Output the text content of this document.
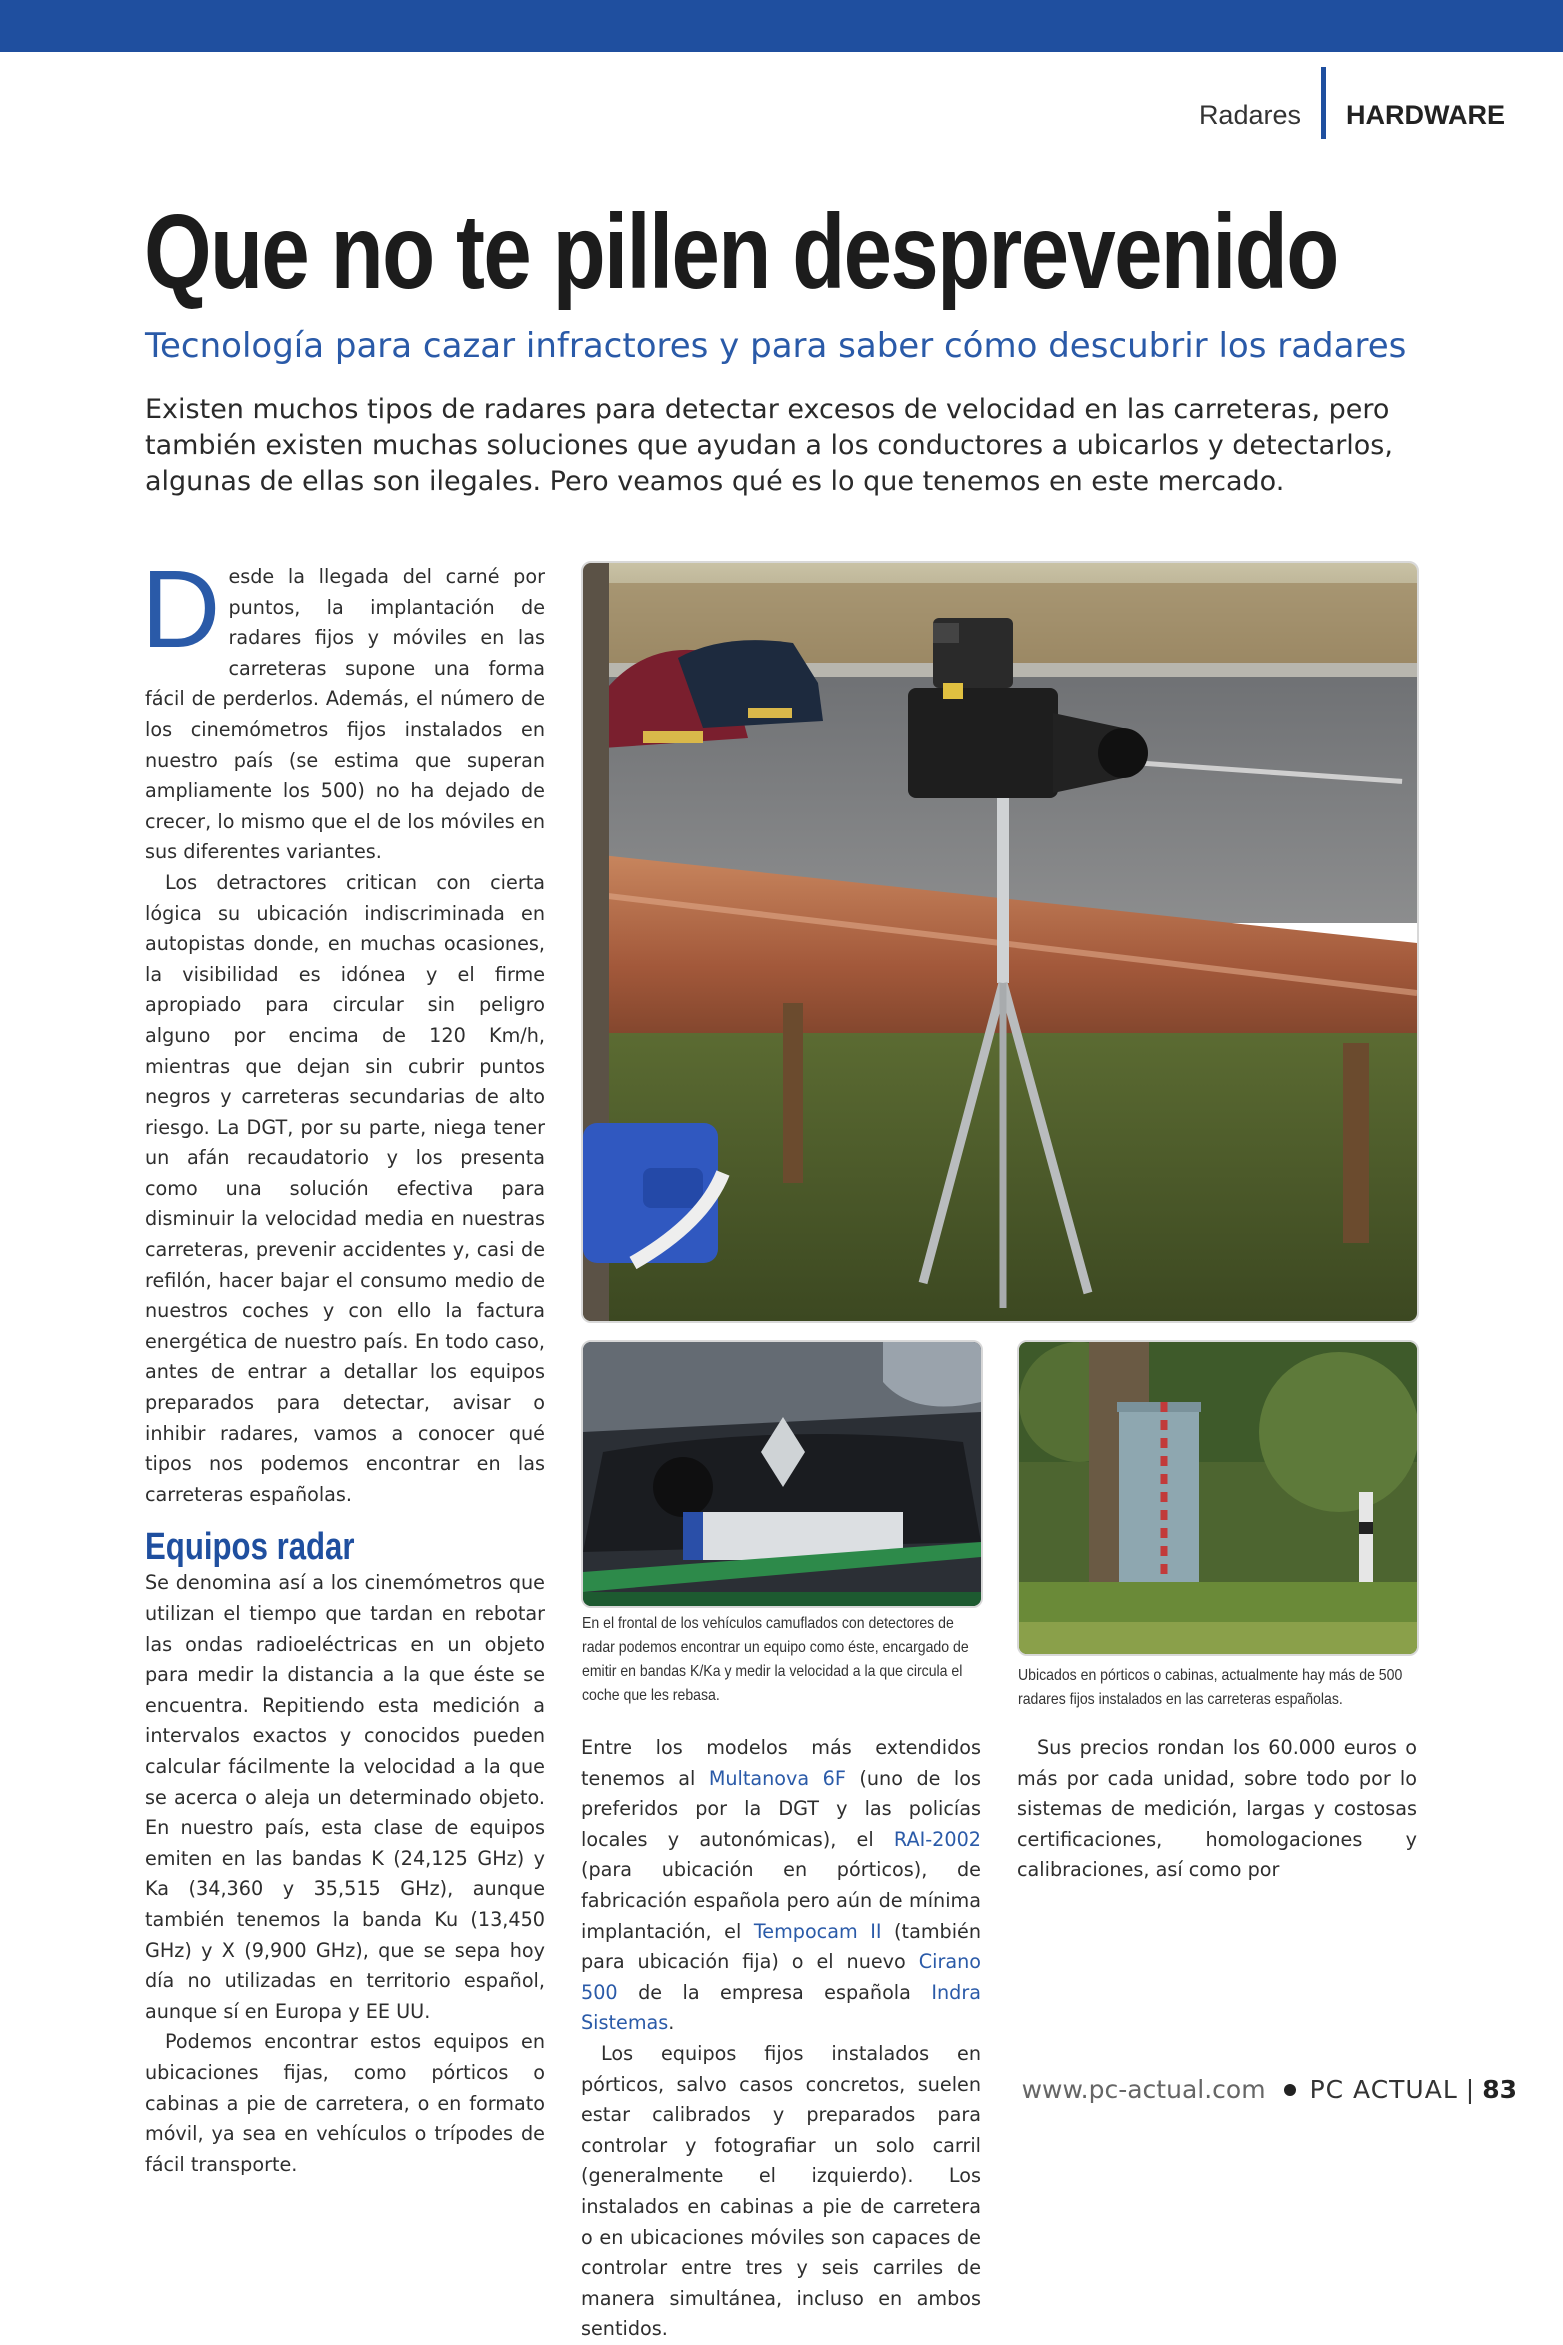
Radares HARDWARE
Que no te pillen desprevenido
Tecnología para cazar infractores y para saber cómo descubrir los radares

Existen muchos tipos de radares para detectar excesos de velocidad en las carreteras, pero también existen muchas soluciones que ayudan a los conductores a ubicarlos y detectarlos, algunas de ellas son ilegales. Pero veamos qué es lo que tenemos en este mercado.

Desde la llegada del carné por puntos, la implantación de radares fijos y móviles en las carreteras supone una forma fácil de perderlos. Además, el número de los cinemómetros fijos instalados en nuestro país (se estima que superan ampliamente los 500) no ha dejado de crecer, lo mismo que el de los móviles en sus diferentes variantes.

Los detractores critican con cierta lógica su ubicación indiscriminada en autopistas donde, en muchas ocasiones, la visibilidad es idónea y el firme apropiado para circular sin peligro alguno por encima de 120 Km/h, mientras que dejan sin cubrir puntos negros y carreteras secundarias de alto riesgo. La DGT, por su parte, niega tener un afán recaudatorio y los presenta como una solución efectiva para disminuir la velocidad media en nuestras carreteras, prevenir accidentes y, casi de refilón, hacer bajar el consumo medio de nuestros coches y con ello la factura energética de nuestro país. En todo caso, antes de entrar a detallar los equipos preparados para detectar, avisar o inhibir radares, vamos a conocer qué tipos nos podemos encontrar en las carreteras españolas.

Equipos radar

Se denomina así a los cinemómetros que utilizan el tiempo que tardan en rebotar las ondas radioeléctricas en un objeto para medir la distancia a la que éste se encuentra. Repitiendo esta medición a intervalos exactos y conocidos pueden calcular fácilmente la velocidad a la que se acerca o aleja un determinado objeto. En nuestro país, esta clase de equipos emiten en las bandas K (24,125 GHz) y Ka (34,360 y 35,515 GHz), aunque también tenemos la banda Ku (13,450 GHz) y X (9,900 GHz), que se sepa hoy día no utilizadas en territorio español, aunque sí en Europa y EE UU.

Podemos encontrar estos equipos en ubicaciones fijas, como pórticos o cabinas a pie de carretera, o en formato móvil, ya sea en vehículos o trípodes de fácil transporte.

En el frontal de los vehículos camuflados con detectores de radar podemos encontrar un equipo como éste, encargado de emitir en bandas K/Ka y medir la velocidad a la que circula el coche que les rebasa.
Ubicados en pórticos o cabinas, actualmente hay más de 500 radares fijos instalados en las carreteras españolas.

Entre los modelos más extendidos tenemos al Multanova 6F (uno de los preferidos por la DGT y las policías locales y autonómicas), el RAI-2002 (para ubicación en pórticos), de fabricación española pero aún de mínima implantación, el Tempocam II (también para ubicación fija) o el nuevo Cirano 500 de la empresa española Indra Sistemas.

Los equipos fijos instalados en pórticos, salvo casos concretos, suelen estar calibrados y preparados para controlar y fotografiar un solo carril (generalmente el izquierdo). Los instalados en cabinas a pie de carretera o en ubicaciones móviles son capaces de controlar entre tres y seis carriles de manera simultánea, incluso en ambos sentidos.

Sus precios rondan los 60.000 euros o más por cada unidad, sobre todo por lo sistemas de medición, largas y costosas certificaciones, homologaciones y calibraciones, así como por

www.pc-actual.com PC ACTUAL | 83
